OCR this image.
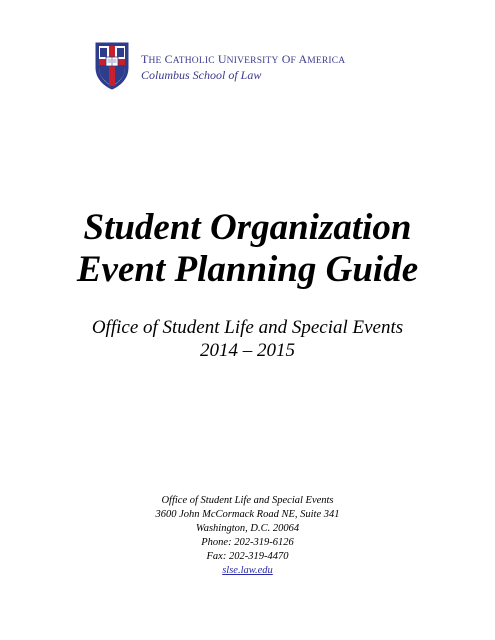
THE CATHOLIC UNIVERSITY OF AMERICA
Columbus School of Law
Student Organization
Event Planning Guide
Office of Student Life and Special Events
2014 – 2015
Office of Student Life and Special Events
3600 John McCormack Road NE, Suite 341
Washington, D.C. 20064
Phone: 202-319-6126
Fax: 202-319-4470
slse.law.edu
